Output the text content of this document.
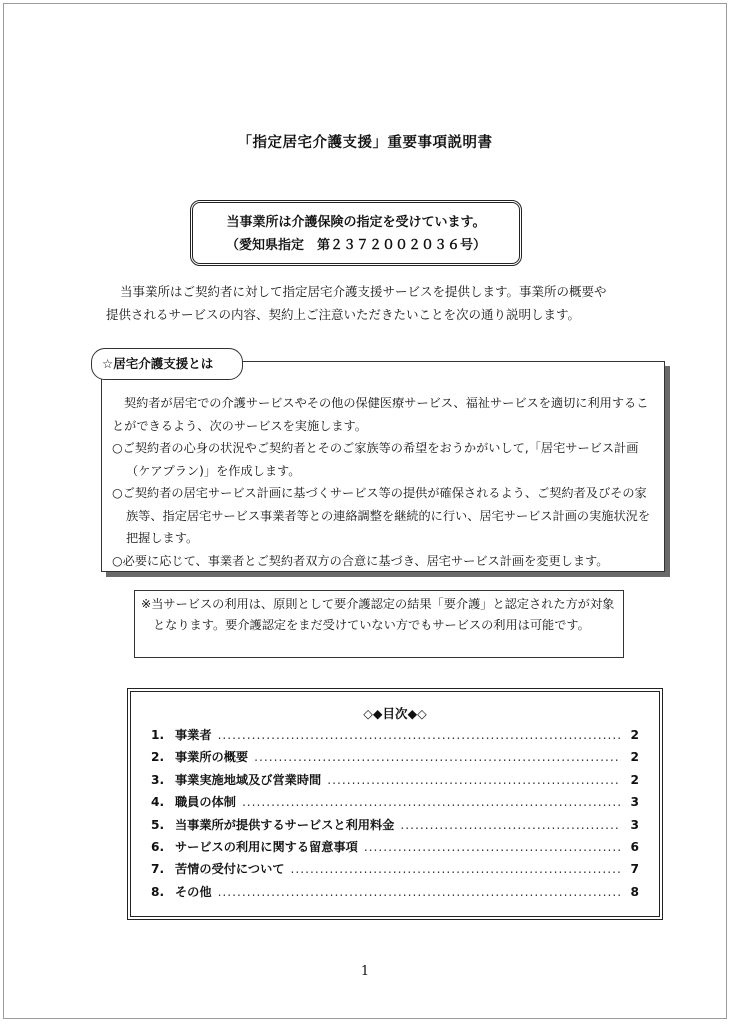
「指定居宅介護支援」重要事項説明書
当事業所は介護保険の指定を受けています。
（愛知県指定　第２３７２００２０３６号）
当事業所はご契約者に対して指定居宅介護支援サービスを提供します。事業所の概要や
提供されるサービスの内容、契約上ご注意いただきたいことを次の通り説明します。
☆居宅介護支援とは
契約者が居宅での介護サービスやその他の保健医療サービス、福祉サービスを適切に利用することができるよう、次のサービスを実施します。
○ご契約者の心身の状況やご契約者とそのご家族等の希望をおうかがいして,「居宅サービス計画（ケアプラン)」を作成します。
○ご契約者の居宅サービス計画に基づくサービス等の提供が確保されるよう、ご契約者及びその家族等、指定居宅サービス事業者等との連絡調整を継続的に行い、居宅サービス計画の実施状況を把握します。
○必要に応じて、事業者とご契約者双方の合意に基づき、居宅サービス計画を変更します。
※当サービスの利用は、原則として要介護認定の結果「要介護」と認定された方が対象となります。要介護認定をまだ受けていない方でもサービスの利用は可能です。
◇◆目次◆◇
1. 事業者 .....	2
2. 事業所の概要 .....	2
3. 事業実施地域及び営業時間 .....	2
4. 職員の体制 .....	3
5. 当事業所が提供するサービスと利用料金 .....	3
6. サービスの利用に関する留意事項 .....	6
7. 苦情の受付について .....	7
8. その他 .....	8
1
